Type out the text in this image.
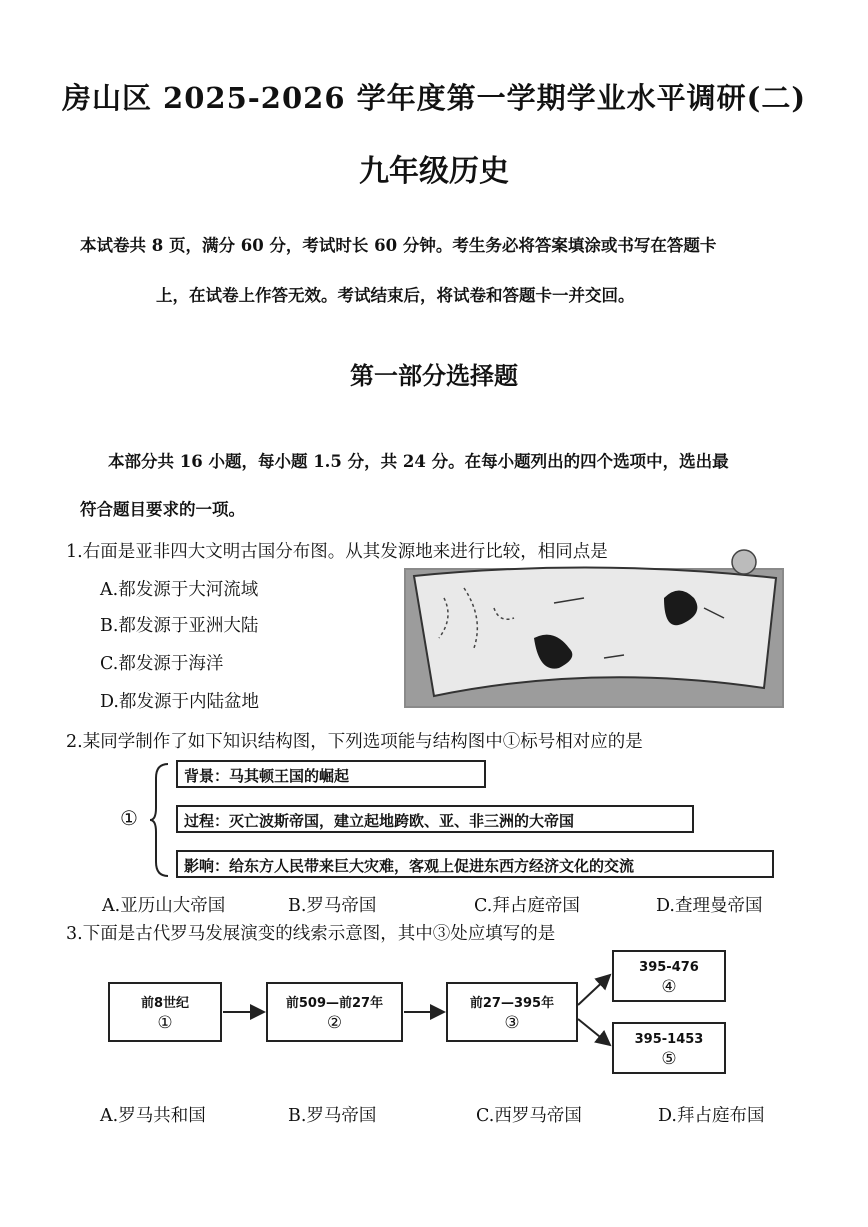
房山区 2025-2026 学年度第一学期学业水平调研(二)
九年级历史
本试卷共 8 页，满分 60 分，考试时长 60 分钟。考生务必将答案填涂或书写在答题卡
上，在试卷上作答无效。考试结束后，将试卷和答题卡一并交回。
第一部分选择题
本部分共 16 小题，每小题 1.5 分，共 24 分。在每小题列出的四个选项中，选出最
符合题目要求的一项。
1.右面是亚非四大文明古国分布图。从其发源地来进行比较，相同点是
A.都发源于大河流域
B.都发源于亚洲大陆
C.都发源于海洋
D.都发源于内陆盆地
2.某同学制作了如下知识结构图，下列选项能与结构图中①标号相对应的是
①
背景：马其顿王国的崛起
过程：灭亡波斯帝国，建立起地跨欧、亚、非三洲的大帝国
影响：给东方人民带来巨大灾难，客观上促进东西方经济文化的交流
A.亚历山大帝国	B.罗马帝国	C.拜占庭帝国	D.查理曼帝国
3.下面是古代罗马发展演变的线索示意图，其中③处应填写的是
前8世纪
①
前509—前27年
②
前27—395年
③
395-476
④
395-1453
⑤
A.罗马共和国	B.罗马帝国	C.西罗马帝国	D.拜占庭布国
